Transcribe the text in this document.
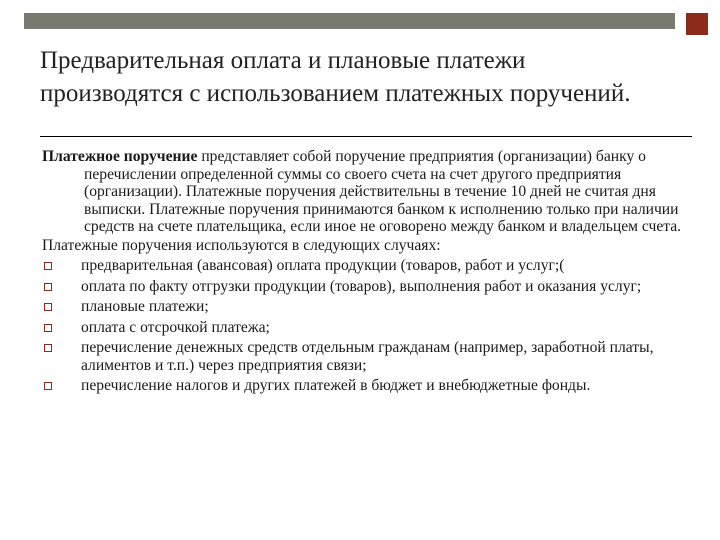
Предварительная оплата и плановые платежи производятся с использованием платежных поручений.

Платежное поручение представляет собой поручение предприятия (организации) банку о перечислении определенной суммы со своего счета на счет другого предприятия (организации). Платежные поручения действительны в течение 10 дней не считая дня выписки. Платежные поручения принимаются банком к исполнению только при наличии средств на счете плательщика, если иное не оговорено между банком и владельцем счета.

Платежные поручения используются в следующих случаях:

предварительная (авансовая) оплата продукции (товаров, работ и услуг;(
оплата по факту отгрузки продукции (товаров), выполнения работ и оказания услуг;
плановые платежи;
оплата с отсрочкой платежа;
перечисление денежных средств отдельным гражданам (например, заработной платы, алиментов и т.п.) через предприятия связи;
перечисление налогов и других платежей в бюджет и внебюджетные фонды.
